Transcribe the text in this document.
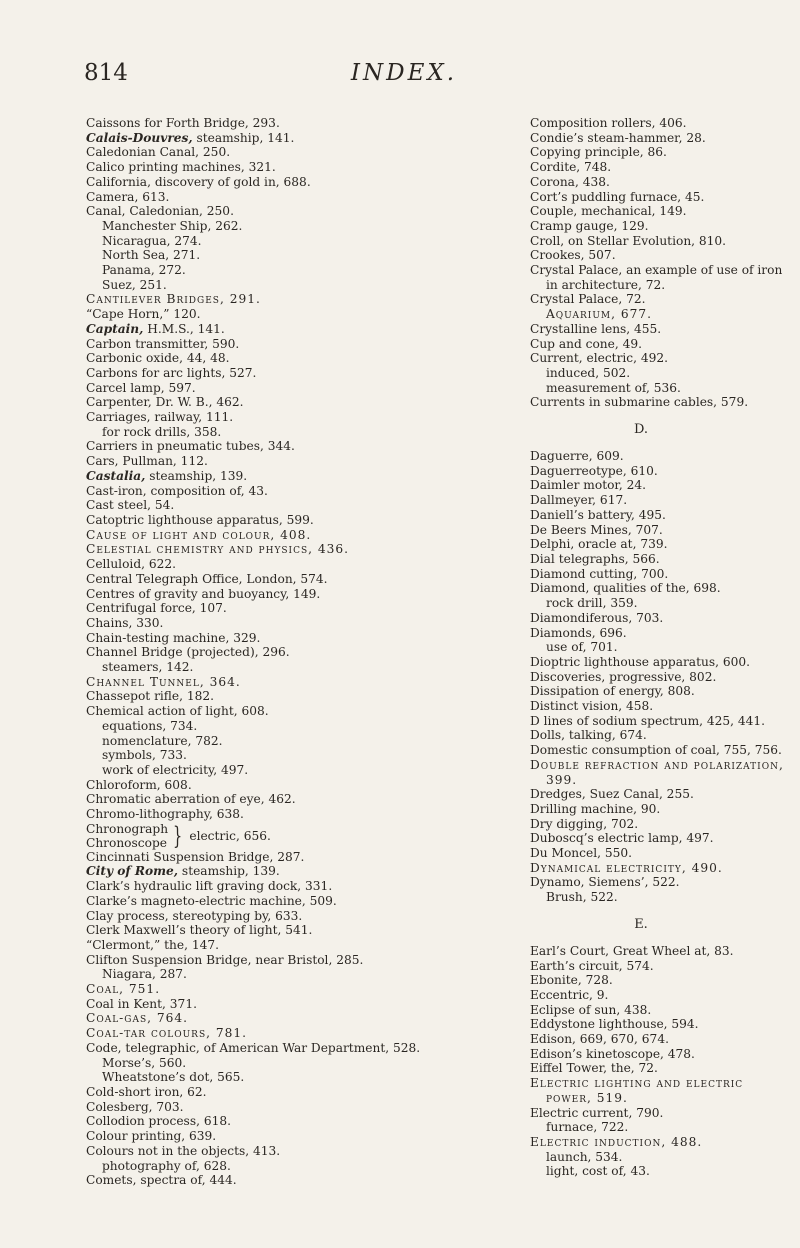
814	INDEX.
Caissons for Forth Bridge, 293.
Calais-Douvres, steamship, 141.
Caledonian Canal, 250.
Calico printing machines, 321.
California, discovery of gold in, 688.
Camera, 613.
Canal, Caledonian, 250.
Manchester Ship, 262.
Nicaragua, 274.
North Sea, 271.
Panama, 272.
Suez, 251.
Cantilever Bridges, 291.
“Cape Horn,” 120.
Captain, H.M.S., 141.
Carbon transmitter, 590.
Carbonic oxide, 44, 48.
Carbons for arc lights, 527.
Carcel lamp, 597.
Carpenter, Dr. W. B., 462.
Carriages, railway, 111.
for rock drills, 358.
Carriers in pneumatic tubes, 344.
Cars, Pullman, 112.
Castalia, steamship, 139.
Cast-iron, composition of, 43.
Cast steel, 54.
Catoptric lighthouse apparatus, 599.
Cause of light and colour, 408.
Celestial chemistry and physics, 436.
Celluloid, 622.
Central Telegraph Office, London, 574.
Centres of gravity and buoyancy, 149.
Centrifugal force, 107.
Chains, 330.
Chain-testing machine, 329.
Channel Bridge (projected), 296.
steamers, 142.
Channel Tunnel, 364.
Chassepot rifle, 182.
Chemical action of light, 608.
equations, 734.
nomenclature, 782.
symbols, 733.
work of electricity, 497.
Chloroform, 608.
Chromatic aberration of eye, 462.
Chromo-lithography, 638.
Chronograph
Chronoscope } electric, 656.
Cincinnati Suspension Bridge, 287.
City of Rome, steamship, 139.
Clark’s hydraulic lift graving dock, 331.
Clarke’s magneto-electric machine, 509.
Clay process, stereotyping by, 633.
Clerk Maxwell’s theory of light, 541.
“Clermont,” the, 147.
Clifton Suspension Bridge, near Bristol, 285.
Niagara, 287.
Coal, 751.
Coal in Kent, 371.
Coal-gas, 764.
Coal-tar colours, 781.
Code, telegraphic, of American War Department, 528.
Morse’s, 560.
Wheatstone’s dot, 565.
Cold-short iron, 62.
Colesberg, 703.
Collodion process, 618.
Colour printing, 639.
Colours not in the objects, 413.
photography of, 628.
Comets, spectra of, 444.
Composition rollers, 406.
Condie’s steam-hammer, 28.
Copying principle, 86.
Cordite, 748.
Corona, 438.
Cort’s puddling furnace, 45.
Couple, mechanical, 149.
Cramp gauge, 129.
Croll, on Stellar Evolution, 810.
Crookes, 507.
Crystal Palace, an example of use of iron in architecture, 72.
Crystal Palace, 72.
Aquarium, 677.
Crystalline lens, 455.
Cup and cone, 49.
Current, electric, 492.
induced, 502.
measurement of, 536.
Currents in submarine cables, 579.
D.
Daguerre, 609.
Daguerreotype, 610.
Daimler motor, 24.
Dallmeyer, 617.
Daniell’s battery, 495.
De Beers Mines, 707.
Delphi, oracle at, 739.
Dial telegraphs, 566.
Diamond cutting, 700.
Diamond, qualities of the, 698.
rock drill, 359.
Diamondiferous, 703.
Diamonds, 696.
use of, 701.
Dioptric lighthouse apparatus, 600.
Discoveries, progressive, 802.
Dissipation of energy, 808.
Distinct vision, 458.
D lines of sodium spectrum, 425, 441.
Dolls, talking, 674.
Domestic consumption of coal, 755, 756.
Double refraction and polarization, 399.
Dredges, Suez Canal, 255.
Drilling machine, 90.
Dry digging, 702.
Duboscq’s electric lamp, 497.
Du Moncel, 550.
Dynamical electricity, 490.
Dynamo, Siemens’, 522.
Brush, 522.
E.
Earl’s Court, Great Wheel at, 83.
Earth’s circuit, 574.
Ebonite, 728.
Eccentric, 9.
Eclipse of sun, 438.
Eddystone lighthouse, 594.
Edison, 669, 670, 674.
Edison’s kinetoscope, 478.
Eiffel Tower, the, 72.
Electric lighting and electric power, 519.
Electric current, 790.
furnace, 722.
Electric induction, 488.
launch, 534.
light, cost of, 43.
